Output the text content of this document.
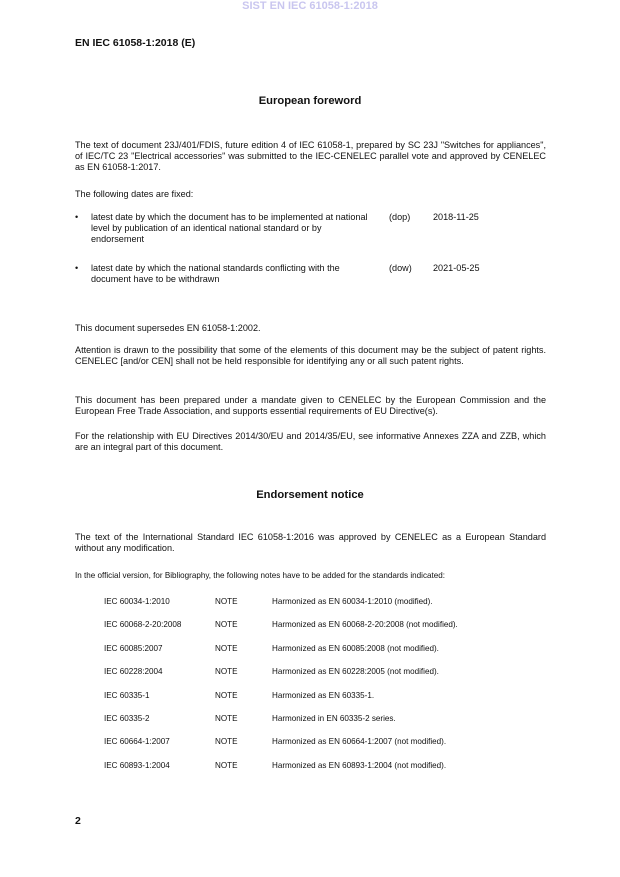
SIST EN IEC 61058-1:2018
EN IEC 61058-1:2018 (E)
European foreword
The text of document 23J/401/FDIS, future edition 4 of IEC 61058-1, prepared by SC 23J "Switches for appliances", of IEC/TC 23 "Electrical accessories" was submitted to the IEC-CENELEC parallel vote and approved by CENELEC as EN 61058-1:2017.
The following dates are fixed:
• latest date by which the document has to be implemented at national level by publication of an identical national standard or by endorsement
(dop)	2018-11-25
• latest date by which the national standards conflicting with the document have to be withdrawn
(dow) 2021-05-25
This document supersedes EN 61058-1:2002.
Attention is drawn to the possibility that some of the elements of this document may be the subject of patent rights. CENELEC [and/or CEN] shall not be held responsible for identifying any or all such patent rights.
This document has been prepared under a mandate given to CENELEC by the European Commission and the European Free Trade Association, and supports essential requirements of EU Directive(s).
For the relationship with EU Directives 2014/30/EU and 2014/35/EU, see informative Annexes ZZA and ZZB, which are an integral part of this document.
Endorsement notice
The text of the International Standard IEC 61058-1:2016 was approved by CENELEC as a European Standard without any modification.
In the official version, for Bibliography, the following notes have to be added for the standards indicated:
IEC 60034-1:2010	NOTE	Harmonized as EN 60034-1:2010 (modified).
IEC 60068-2-20:2008	NOTE	Harmonized as EN 60068-2-20:2008 (not modified).
IEC 60085:2007	NOTE	Harmonized as EN 60085:2008 (not modified).
IEC 60228:2004	NOTE	Harmonized as EN 60228:2005 (not modified).
IEC 60335-1	NOTE	Harmonized as EN 60335-1.
IEC 60335-2	NOTE	Harmonized in EN 60335-2 series.
IEC 60664-1:2007	NOTE	Harmonized as EN 60664-1:2007 (not modified).
IEC 60893-1:2004	NOTE	Harmonized as EN 60893-1:2004 (not modified).
2
